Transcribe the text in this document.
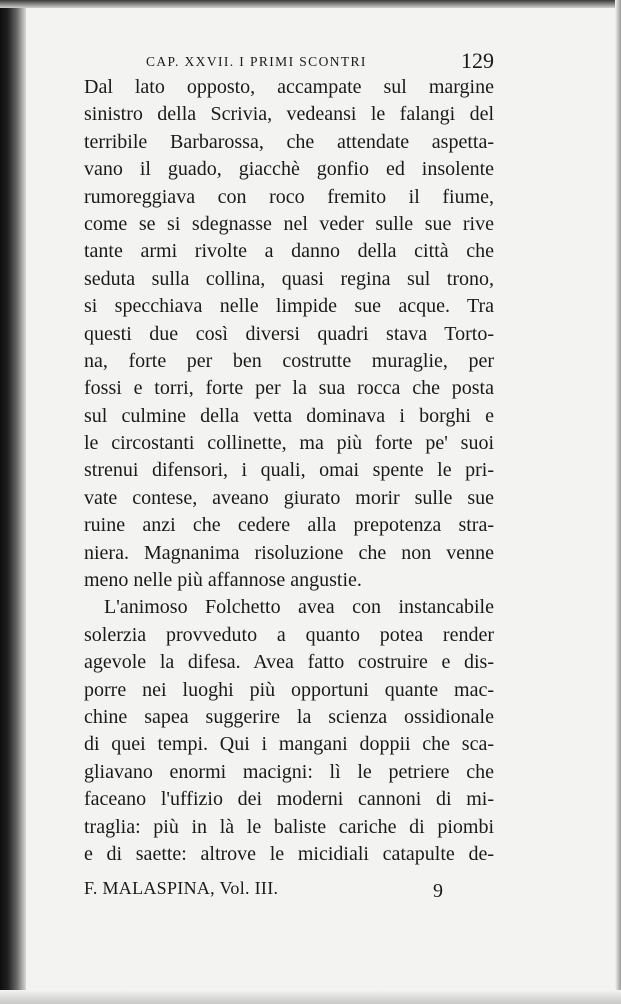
CAP. XXVII. I PRIMI SCONTRI	129
Dal lato opposto, accampate sul margine
sinistro della Scrivia, vedeansi le falangi del
terribile Barbarossa, che attendate aspetta-
vano il guado, giacchè gonfio ed insolente
rumoreggiava con roco fremito il fiume,
come se si sdegnasse nel veder sulle sue rive
tante armi rivolte a danno della città che
seduta sulla collina, quasi regina sul trono,
si specchiava nelle limpide sue acque. Tra
questi due così diversi quadri stava Torto-
na, forte per ben costrutte muraglie, per
fossi e torri, forte per la sua rocca che posta
sul culmine della vetta dominava i borghi e
le circostanti collinette, ma più forte pe' suoi
strenui difensori, i quali, omai spente le pri-
vate contese, aveano giurato morir sulle sue
ruine anzi che cedere alla prepotenza stra-
niera. Magnanima risoluzione che non venne
meno nelle più affannose angustie.
L'animoso Folchetto avea con instancabile
solerzia provveduto a quanto potea render
agevole la difesa. Avea fatto costruire e dis-
porre nei luoghi più opportuni quante mac-
chine sapea suggerire la scienza ossidionale
di quei tempi. Qui i mangani doppii che sca-
gliavano enormi macigni: lì le petriere che
faceano l'uffizio dei moderni cannoni di mi-
traglia: più in là le baliste cariche di piombi
e di saette: altrove le micidiali catapulte de-
F. MALASPINA, Vol. III.	9
